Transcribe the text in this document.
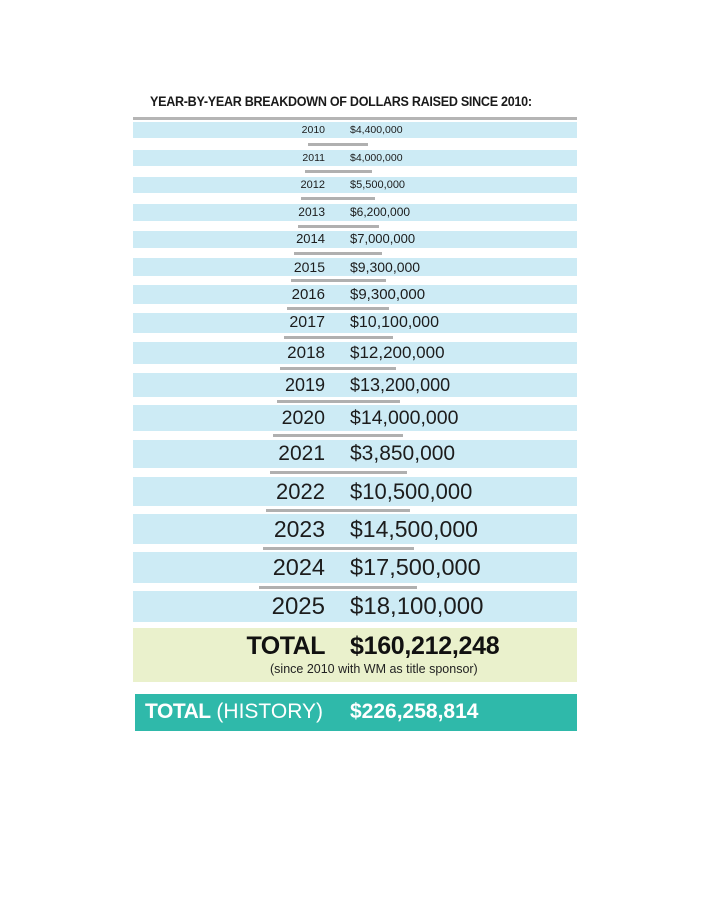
YEAR-BY-YEAR BREAKDOWN OF DOLLARS RAISED SINCE 2010:
2010 $4,400,000
2011 $4,000,000
2012 $5,500,000
2013 $6,200,000
2014 $7,000,000
2015 $9,300,000
2016 $9,300,000
2017 $10,100,000
2018 $12,200,000
2019 $13,200,000
2020 $14,000,000
2021 $3,850,000
2022 $10,500,000
2023 $14,500,000
2024 $17,500,000
2025 $18,100,000
TOTAL $160,212,248
(since 2010 with WM as title sponsor)
TOTAL (HISTORY) $226,258,814
